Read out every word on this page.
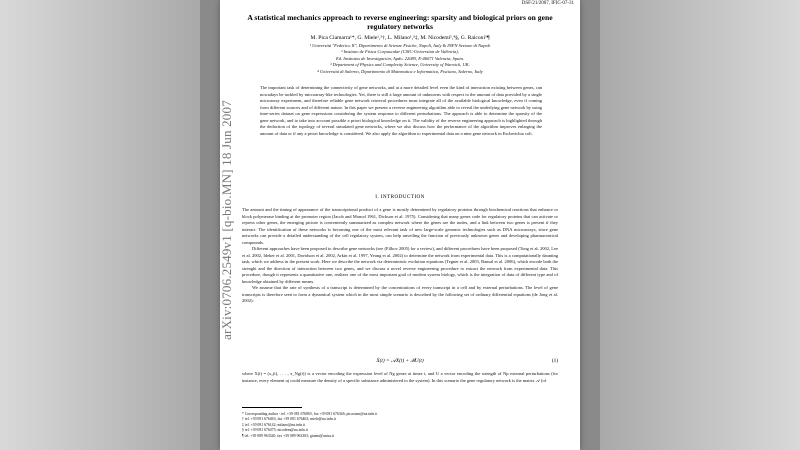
arXiv:0706.2549v1 [q-bio.MN] 18 Jun 2007
DSF/21/2007, IFIC-07-31
A statistical mechanics approach to reverse engineering: sparsity and biological priors on gene regulatory networks
M. Pica Ciamarra¹*, G. Miele¹,²†, L. Milano¹,³‡, M. Nicodemi¹,⁴§, G. Raiconi⁵¶
¹ Università "Federico II", Dipartimento di Scienze Fisiche, Napoli, Italy & INFN Sezione di Napoli
² Instituto de Física Corpuscular (CSIC-Universitat de València),
Ed. Institutos de Investigación, Apdo. 22085, E-46071 Valencia, Spain.
³ Department of Physics and Complexity Science, University of Warwick, UK.
⁴ Università di Salerno, Dipartimento di Matematica e Informatica, Fisciano, Salerno, Italy
The important task of determining the connectivity of gene networks, and at a more detailed level even the kind of interaction existing between genes, can nowadays be tackled by microarray-like technologies. Yet, there is still a large amount of unknowns with respect to the amount of data provided by a single microarray experiment, and therefore reliable gene network retrieval procedures must integrate all of the available biological knowledge, even if coming from different sources and of different nature. In this paper we present a reverse engineering algorithm able to reveal the underlying gene network by using time-series dataset on gene expressions considering the system response to different perturbations. The approach is able to determine the sparsity of the gene network, and to take into account possible a priori biological knowledge on it. The validity of the reverse engineering approach is highlighted through the deduction of the topology of several simulated gene networks, where we also discuss how the performance of the algorithm improves enlarging the amount of data or if any a priori knowledge is considered. We also apply the algorithm to experimental data on a nine gene network in Escherichia coli.
I. INTRODUCTION

The amount and the timing of appearance of the transcriptional product of a gene is mostly determined by regulatory proteins through biochemical reactions that enhance or block polymerase binding at the promoter region (Jacob and Monod 1961, Dickson et al. 1975). Considering that many genes code for regulatory proteins that can activate or repress other genes, the emerging picture is conveniently summarized as complex network where the genes are the nodes, and a link between two genes is present if they interact. The identification of these networks is becoming one of the most relevant task of new large-scale genomic technologies such as DNA microarrays, since gene networks can provide a detailed understanding of the cell regulatory system, can help unveiling the function of previously unknown genes and developing pharmaceutical compounds.

Different approaches have been proposed to describe gene networks (see (Filkov 2005) for a review), and different procedures have been proposed (Tong et al. 2002, Lee et al. 2002, Ideker et al. 2001, Davidson et al. 2002, Arkin et al. 1997, Yeung et al. 2002) to determine the network from experimental data. This is a computationally daunting task, which we address in the present work. Here we describe the network via deterministic evolution equations (Tegner et al. 2003, Bansal et al. 2006), which encode both the strenght and the direction of interaction between two genes, and we discuss a novel reverse engineering procedure to extract the network from experimental data. This procedure, though it represents a quantitative one, realizes one of the most important goal of modern system biology, which is the integration of data of different type and of knowledge obtained by different means.

We assume that the rate of synthesis of a transcript is determined by the concentrations of every transcript in a cell and by external perturbations. The level of gene transcripts is therefore seen to form a dynamical system which in the most simple scenario is described by the following set of ordinary differential equations (de Jong et al. 2002):

Ẋ(t) = 𝒜X(t) + ℬU(t)	(1)
where X(t) = (x₁(t), . . . , x_Ng(t)) is a vector encoding the expression level of Ng genes at times t, and U a vector encoding the strength of Np external perturbations (for instance, every element uj could measure the density of a specific substance administered to the system). In this scenario the gene regulatory network is the matrix 𝒜 (of
* Corresponding author - tel. +39 081 676865, fax +39 081 676346; picaciam@na.infn.it
† tel. +39 081 676463; fax +39 081 676463; miele@na.infn.it
‡ tel. +39 081 676142; milano@na.infn.it
§ tel. +39 081 676475; nicodem@na.infn.it
¶ tel. +39 089 963320; fax +39 089 963303; gianni@unisa.it
